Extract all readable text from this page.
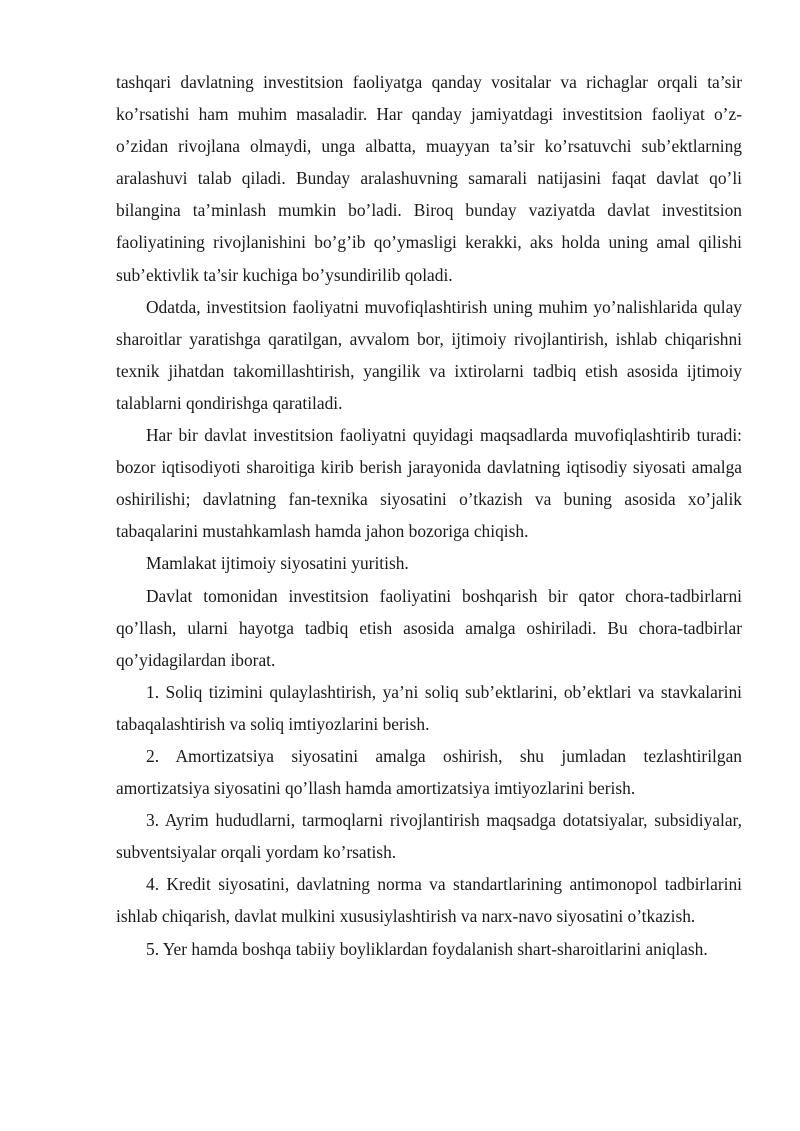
tashqari davlatning investitsion faoliyatga qanday vositalar va richaglar orqali ta’sir ko’rsatishi ham muhim masaladir. Har qanday jamiyatdagi investitsion faoliyat o’z-o’zidan rivojlana olmaydi, unga albatta, muayyan ta’sir ko’rsatuvchi sub’ektlarning aralashuvi talab qiladi. Bunday aralashuvning samarali natijasini faqat davlat qo’li bilangina ta’minlash mumkin bo’ladi. Biroq bunday vaziyatda davlat investitsion faoliyatining rivojlanishini bo’g’ib qo’ymasligi kerakki, aks holda uning amal qilishi sub’ektivlik ta’sir kuchiga bo’ysundirilib qoladi.

Odatda, investitsion faoliyatni muvofiqlashtirish uning muhim yo’nalishlarida qulay sharoitlar yaratishga qaratilgan, avvalom bor, ijtimoiy rivojlantirish, ishlab chiqarishni texnik jihatdan takomillashtirish, yangilik va ixtirolarni tadbiq etish asosida ijtimoiy talablarni qondirishga qaratiladi.

Har bir davlat investitsion faoliyatni quyidagi maqsadlarda muvofiqlashtirib turadi: bozor iqtisodiyoti sharoitiga kirib berish jarayonida davlatning iqtisodiy siyosati amalga oshirilishi; davlatning fan-texnika siyosatini o’tkazish va buning asosida xo’jalik tabaqalarini mustahkamlash hamda jahon bozoriga chiqish.

Mamlakat ijtimoiy siyosatini yuritish.

Davlat tomonidan investitsion faoliyatini boshqarish bir qator chora-tadbirlarni qo’llash, ularni hayotga tadbiq etish asosida amalga oshiriladi. Bu chora-tadbirlar qo’yidagilardan iborat.

1. Soliq tizimini qulaylashtirish, ya’ni soliq sub’ektlarini, ob’ektlari va stavkalarini tabaqalashtirish va soliq imtiyozlarini berish.

2. Amortizatsiya siyosatini amalga oshirish, shu jumladan tezlashtirilgan amortizatsiya siyosatini qo’llash hamda amortizatsiya imtiyozlarini berish.

3. Ayrim hududlarni, tarmoqlarni rivojlantirish maqsadga dotatsiyalar, subsidiyalar, subventsiyalar orqali yordam ko’rsatish.

4. Kredit siyosatini, davlatning norma va standartlarining antimonopol tadbirlarini ishlab chiqarish, davlat mulkini xususiylashtirish va narx-navo siyosatini o’tkazish.

5. Yer hamda boshqa tabiiy boyliklardan foydalanish shart-sharoitlarini aniqlash.
